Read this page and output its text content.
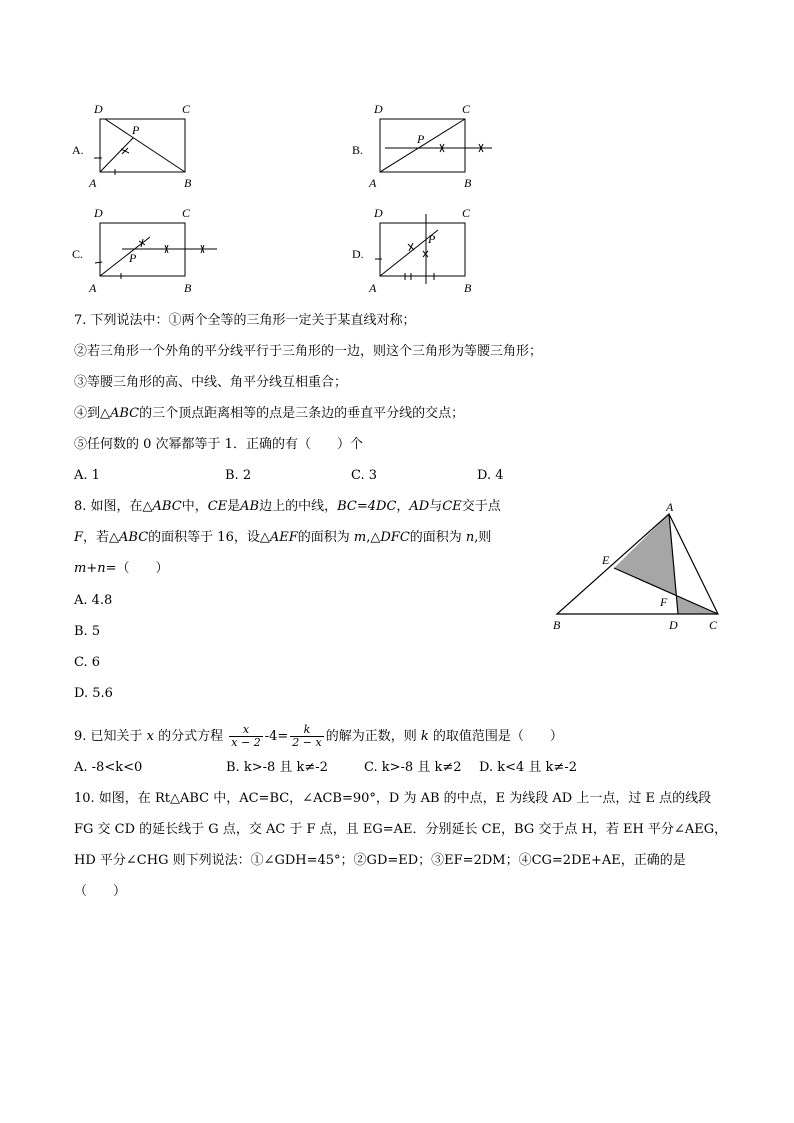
A.
D	C
A	B
P
B.
D	C
A	B
P
C.
D	C
A	B
P	D.
D	C
A	B
P
7. 下列说法中：①两个全等的三角形一定关于某直线对称；
②若三角形一个外角的平分线平行于三角形的一边，则这个三角形为等腰三角形；
③等腰三角形的高、中线、角平分线互相重合；
④到△ABC的三个顶点距离相等的点是三条边的垂直平分线的交点；
⑤任何数的 0 次幂都等于 1．正确的有（　　）个
A. 1	B. 2	C. 3	D. 4
8. 如图，在△ABC中，CE是AB边上的中线，BC=4DC，AD与CE交于点
F，若△ABC的面积等于 16，设△AEF的面积为 m,△DFC的面积为 n,则
m+n=（　　）
A. 4.8
B. 5
C. 6
D. 5.6
A
E
F
B	D	C
9. 已知关于 x 的分式方程 $\frac{x}{x - 2} -4= \frac{k}{2 - x}$ 的解为正数，则 k 的取值范围是（　　）
A. -8<k<0	B. k>-8 且 k≠-2	C. k>-8 且 k≠2 D. k<4 且 k≠-2
10. 如图，在 Rt△ABC 中，AC=BC，∠ACB=90°，D 为 AB 的中点，E 为线段 AD 上一点，过 E 点的线段
FG 交 CD 的延长线于 G 点，交 AC 于 F 点，且 EG=AE．分别延长 CE，BG 交于点 H，若 EH 平分∠AEG，
HD 平分∠CHG 则下列说法：①∠GDH=45°；②GD=ED；③EF=2DM；④CG=2DE+AE，正确的是
（　　）
